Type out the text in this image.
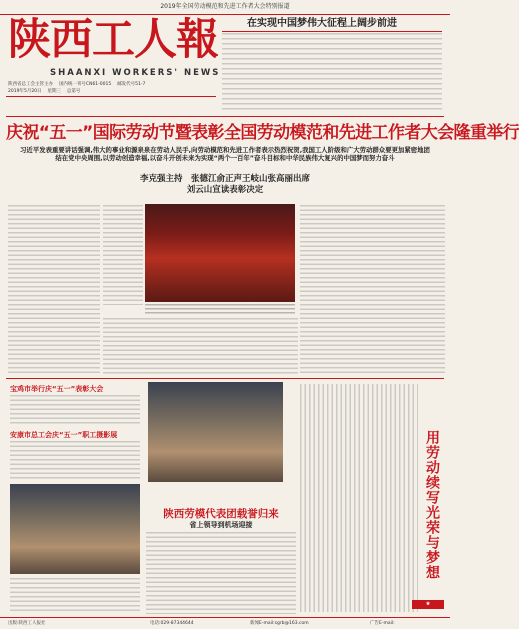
2019年全国劳动模范和先进工作者大会特别报道
陕西工人報
SHAANXI WORKERS' NEWS
陕西省总工会主管主办　 国内统一刊号CN61-0015　 邮发代号51-7
2019年5月20日　 星期三　 总第号
在实现中国梦伟大征程上阔步前进
庆祝“五一”国际劳动节暨表彰全国劳动模范和先进工作者大会隆重举行
习近平发表重要讲话强调,伟大的事业和源泉泉在劳动人民手,向劳动模范和先进工作者表示热烈祝贺,我国工人阶级和广大劳动群众要更加紧密地团结在党中央周围,以劳动创造幸福,以奋斗开创未来为实现“两个一百年”奋斗目标和中华民族伟大复兴的中国梦而努力奋斗
李克强主持　张德江俞正声王岐山张高丽出席
刘云山宣读表彰决定
宝鸡市举行庆“五一”表彰大会
安康市总工会庆“五一”职工摄影展
陕西劳模代表团载誉归来
省上领导到机场迎接	用劳动续写光荣与梦想
★
出版:陕西工人报社	电话:029-87344644	新闻E-mail:sgrb@163.com	广告E-mail:
